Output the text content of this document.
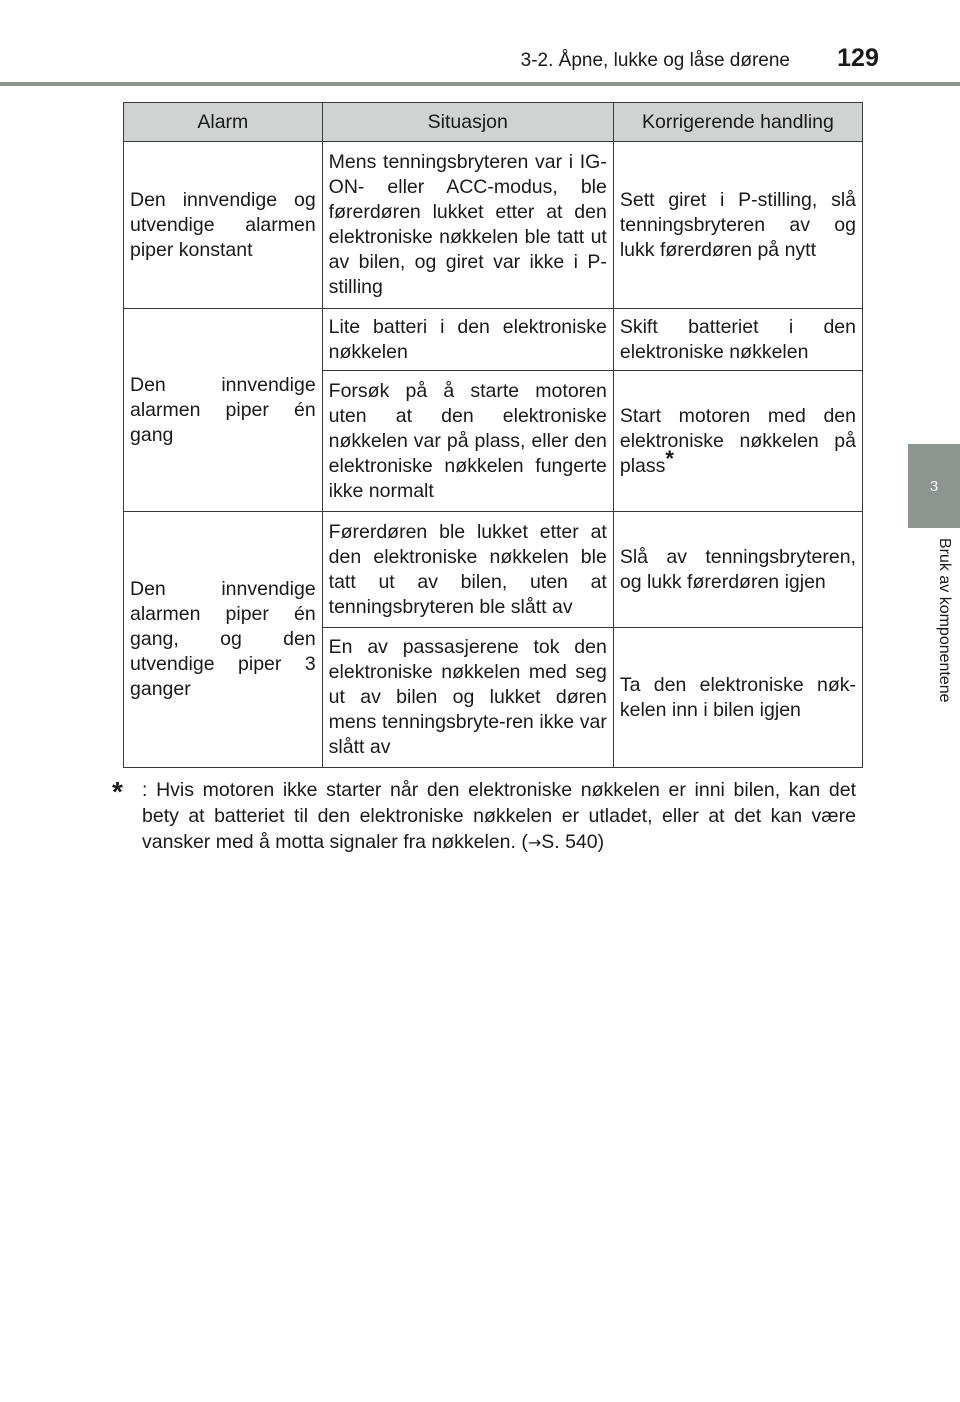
3-2. Åpne, lukke og låse dørene	129
3
Bruk av komponentene
Alarm	Situasjon	Korrigerende handling
Den innvendige og utvendige alarmen piper konstant	Mens tenningsbryteren var i IG-ON- eller ACC-modus, ble førerdøren lukket etter at den elektroniske nøkkelen ble tatt ut av bilen, og giret var ikke i P-stilling	Sett giret i P-stilling, slå tenningsbryteren av og lukk førerdøren på nytt
Den innvendige alarmen piper én gang	Lite batteri i den elektroniske nøkkelen	Skift batteriet i den elektroniske nøkkelen
	Forsøk på å starte motoren uten at den elektroniske nøkkelen var på plass, eller den elektroniske nøkkelen fungerte ikke normalt	Start motoren med den elektroniske nøkkelen på plass*
Den innvendige alarmen piper én gang, og den utvendige piper 3 ganger	Førerdøren ble lukket etter at den elektroniske nøkkelen ble tatt ut av bilen, uten at tenningsbryteren ble slått av	Slå av tenningsbryteren, og lukk førerdøren igjen
	En av passasjerene tok den elektroniske nøkkelen med seg ut av bilen og lukket døren mens tenningsbryte-ren ikke var slått av	Ta den elektroniske nøk-kelen inn i bilen igjen
* : Hvis motoren ikke starter når den elektroniske nøkkelen er inni bilen, kan det bety at batteriet til den elektroniske nøkkelen er utladet, eller at det kan være vansker med å motta signaler fra nøkkelen. (→S. 540)
